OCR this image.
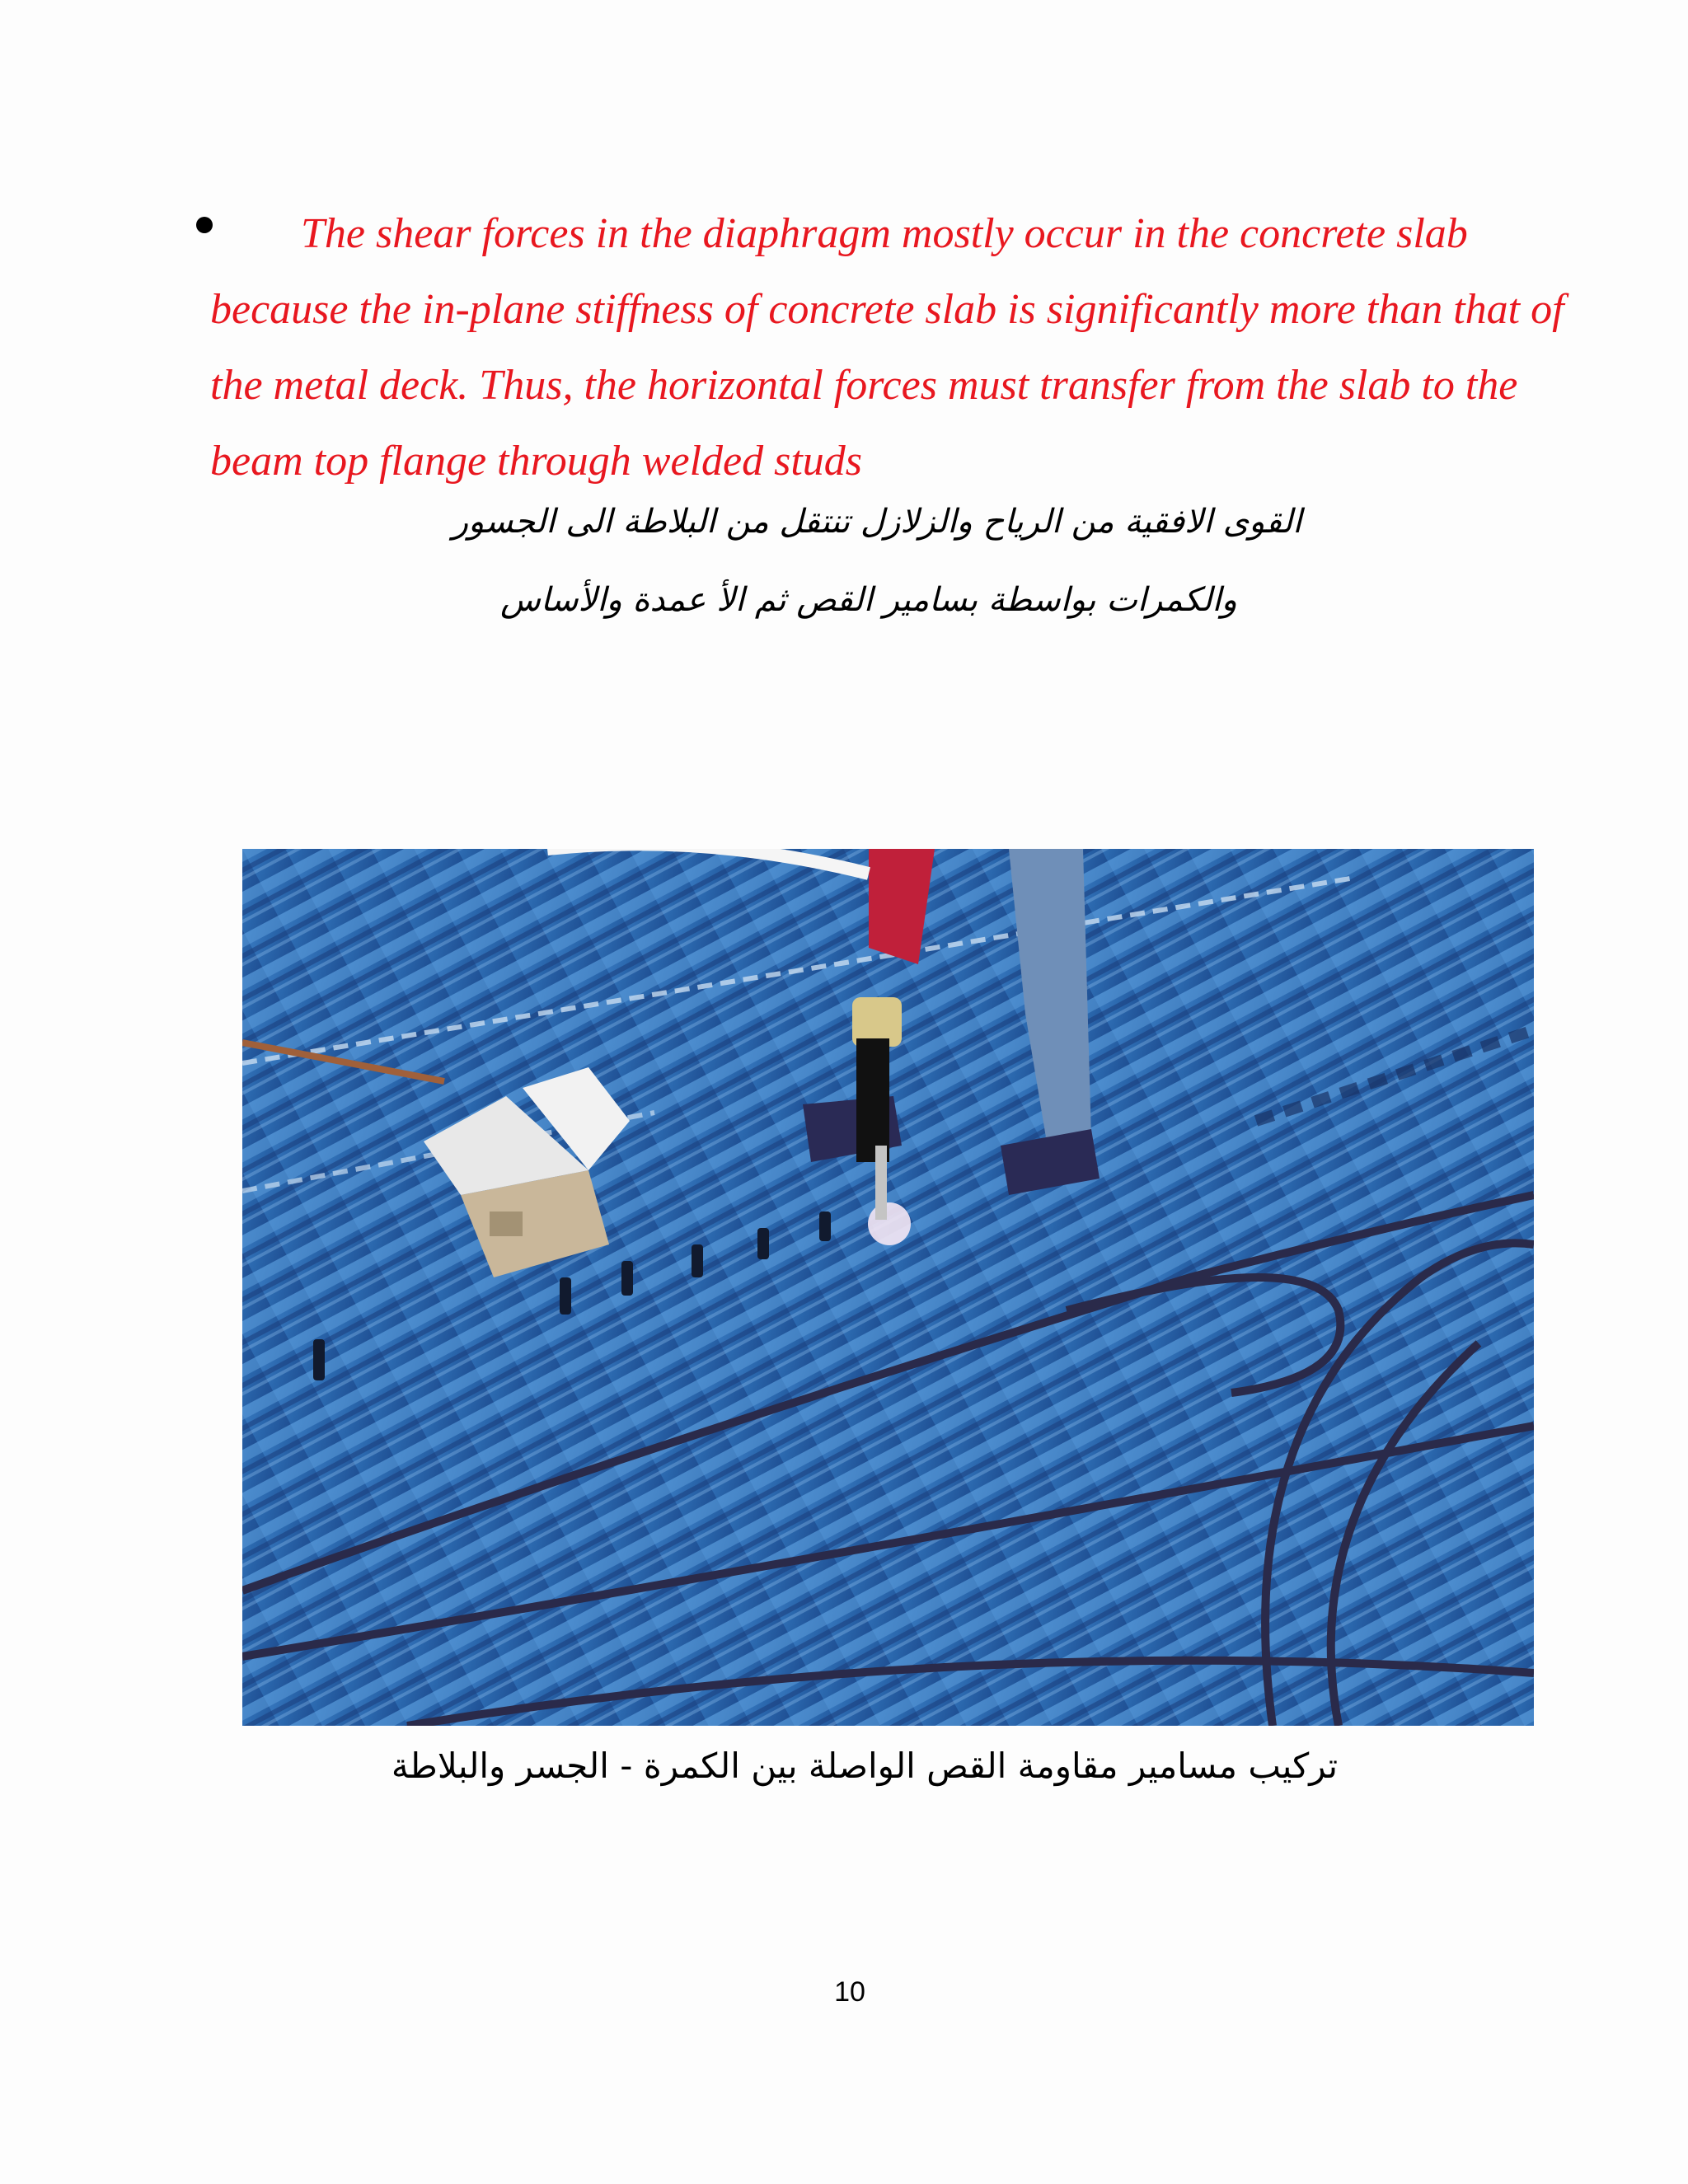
The shear forces in the diaphragm mostly occur in the concrete slab because the in-plane stiffness of concrete slab is significantly more than that of the metal deck. Thus, the horizontal forces must transfer from the slab to the beam top flange through welded studs

القوى الافقية من الرياح والزلازل تنتقل من البلاطة الى الجسور
والكمرات بواسطة بسامير القص ثم الأ عمدة والأساس
تركيب مسامير مقاومة القص الواصلة بين الكمرة - الجسر والبلاطة
10
